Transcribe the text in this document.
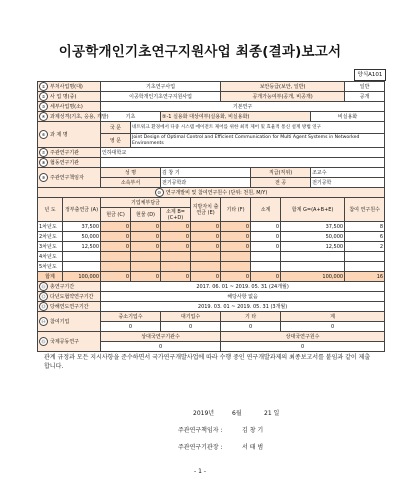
이공학개인기초연구지원사업 최종(결과)보고서
양식A101
① 부처사업명(대)		기초연구사업				보안등급(보안, 일반)				일반
② 사 업 명(중)		이공학개인기초연구지원사업				공개가능여부(공개, 비공개)				공개
③ 세부사업명(소)		기본연구								
④ 과제성격(기초, 응용, 개발)		기초		⑤-1 실용화 대상여부(실용화, 비실용화)					비실용화	
⑥ 과 제 명		국 문	네트워크 환경에서 다중 시스템 에이전트 제어를 위한 최적 제어 및 효율적 통신 설계 방법 연구							
		영 문	Joint Design of Optimal Control and Efficient Communication for Multi Agent Systems in Networked Environments							
⑦ 주관연구기관		인하대학교								
⑧ 협동연구기관										
⑨ 주관연구책임자		성 명		김 창 기			직급(직위)		조교수	
		소속부서		전기공학과			전 공		전기공학	
⑩ 연구개발비 및 참여연구원수 (단위: 천원, M/Y)										
년 도	정부출연금 (A)	기업체부담금			지방자치 출연금 (E)	기타 (F)	소계	합계 G=(A+B+E)		참여 연구원수
		현금 (C)	현물 (D)	소계 B=(C+D)						
1차년도	37,500	0	0	0	0	0	0	37,500		8
2차년도	50,000	0	0	0	0	0	0	50,000		6
3차년도	12,500	0	0	0	0	0	0	12,500		2
4차년도										
5차년도										
합계	100,000	0	0	0	0	0	0	100,000		16
⑪ 총연구기간		2017. 06. 01 ~ 2019. 05. 31 (24개월)								
⑫ 다년도협약연구기간		해당사항 없음								
⑬ 당해연도연구기간		2019. 03. 01 ~ 2019. 05. 31 (3개월)								
⑭ 참여기업		중소기업수		대기업수		기 타		계		
		0		0		0		0		
⑮ 국제공동연구		상대국연구기관수				상대국연구원수				
		0				0				
관계 규정과 모든 지시사항을 준수하면서 국가연구개발사업에 따라 수행 중인 연구개발과제의 최종보고서를 붙임과 같이 제출 합니다.
2019년	6월	21 일
주관연구책임자 :	김 창 기
주관연구기관장 :	서 태 범
- 1 -
